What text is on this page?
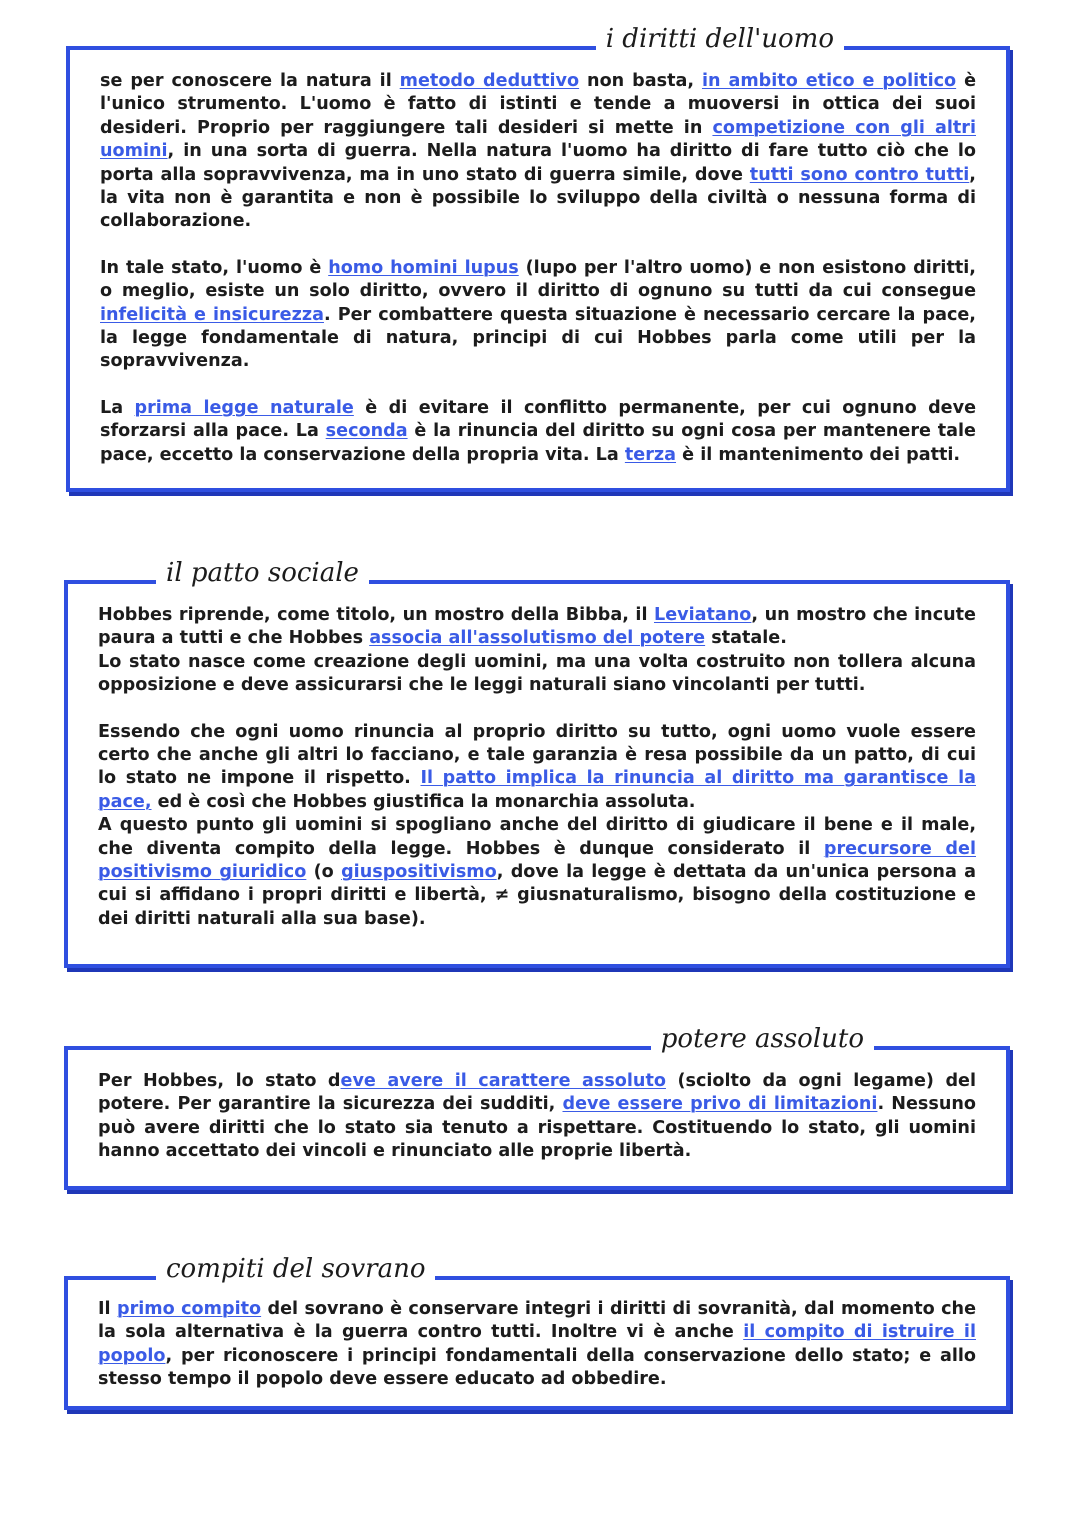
i diritti dell'uomo

se per conoscere la natura il metodo deduttivo non basta, in ambito etico e politico è l'unico strumento. L'uomo è fatto di istinti e tende a muoversi in ottica dei suoi desideri. Proprio per raggiungere tali desideri si mette in competizione con gli altri uomini, in una sorta di guerra. Nella natura l'uomo ha diritto di fare tutto ciò che lo porta alla sopravvivenza, ma in uno stato di guerra simile, dove tutti sono contro tutti, la vita non è garantita e non è possibile lo sviluppo della civiltà o nessuna forma di collaborazione.

In tale stato, l'uomo è homo homini lupus (lupo per l'altro uomo) e non esistono diritti, o meglio, esiste un solo diritto, ovvero il diritto di ognuno su tutti da cui consegue infelicità e insicurezza. Per combattere questa situazione è necessario cercare la pace, la legge fondamentale di natura, principi di cui Hobbes parla come utili per la sopravvivenza.

La prima legge naturale è di evitare il conflitto permanente, per cui ognuno deve sforzarsi alla pace. La seconda è la rinuncia del diritto su ogni cosa per mantenere tale pace, eccetto la conservazione della propria vita. La terza è il mantenimento dei patti.

il patto sociale

Hobbes riprende, come titolo, un mostro della Bibba, il Leviatano, un mostro che incute paura a tutti e che Hobbes associa all'assolutismo del potere statale.
Lo stato nasce come creazione degli uomini, ma una volta costruito non tollera alcuna opposizione e deve assicurarsi che le leggi naturali siano vincolanti per tutti.

Essendo che ogni uomo rinuncia al proprio diritto su tutto, ogni uomo vuole essere certo che anche gli altri lo facciano, e tale garanzia è resa possibile da un patto, di cui lo stato ne impone il rispetto. Il patto implica la rinuncia al diritto ma garantisce la pace, ed è così che Hobbes giustifica la monarchia assoluta.
A questo punto gli uomini si spogliano anche del diritto di giudicare il bene e il male, che diventa compito della legge. Hobbes è dunque considerato il precursore del positivismo giuridico (o giuspositivismo, dove la legge è dettata da un'unica persona a cui si affidano i propri diritti e libertà, ≠ giusnaturalismo, bisogno della costituzione e dei diritti naturali alla sua base).

potere assoluto

Per Hobbes, lo stato deve avere il carattere assoluto (sciolto da ogni legame) del potere. Per garantire la sicurezza dei sudditi, deve essere privo di limitazioni. Nessuno può avere diritti che lo stato sia tenuto a rispettare. Costituendo lo stato, gli uomini hanno accettato dei vincoli e rinunciato alle proprie libertà.

compiti del sovrano

Il primo compito del sovrano è conservare integri i diritti di sovranità, dal momento che la sola alternativa è la guerra contro tutti. Inoltre vi è anche il compito di istruire il popolo, per riconoscere i principi fondamentali della conservazione dello stato; e allo stesso tempo il popolo deve essere educato ad obbedire.
